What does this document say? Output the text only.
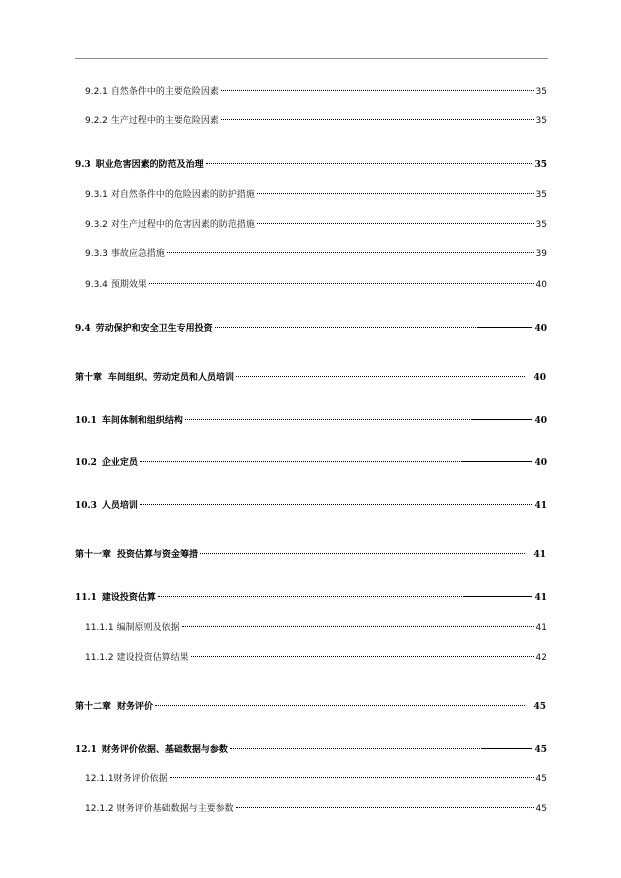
9.2.1 自然条件中的主要危险因素	35
9.2.2 生产过程中的主要危险因素	35
9.3 职业危害因素的防范及治理	35
9.3.1 对自然条件中的危险因素的防护措施	35
9.3.2 对生产过程中的危害因素的防范措施	35
9.3.3 事故应急措施	39
9.3.4 预期效果	40
9.4 劳动保护和安全卫生专用投资	40
第十章 车间组织、劳动定员和人员培训	40
10.1 车间体制和组织结构	40
10.2 企业定员	40
10.3 人员培训	41
第十一章 投资估算与资金筹措	41
11.1 建设投资估算	41
11.1.1 编制原则及依据	41
11.1.2 建设投资估算结果	42
第十二章 财务评价	45
12.1 财务评价依据、基础数据与参数	45
12.1.1 财务评价依据	45
12.1.2 财务评价基础数据与主要参数	45
